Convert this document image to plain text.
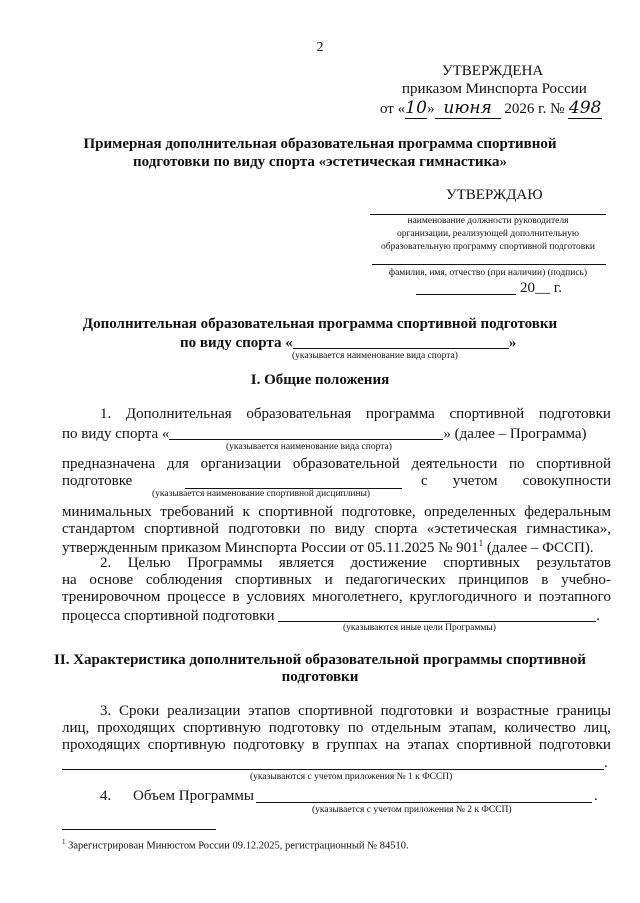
2
УТВЕРЖДЕНА
приказом Минспорта России
от «10» июня 2026 г. № 498
Примерная дополнительная образовательная программа спортивной
подготовки по виду спорта «эстетическая гимнастика»
УТВЕРЖДАЮ
наименование должности руководителя
организации, реализующей дополнительную
образовательную программу спортивной подготовки
фамилия, имя, отчество (при наличии) (подпись)
20__ г.
Дополнительная образовательная программа спортивной подготовки
по виду спорта «	»
(указывается наименование вида спорта)
I. Общие положения
1. Дополнительная образовательная программа спортивной подготовки
по виду спорта «	» (далее – Программа)
(указывается наименование вида спорта)
предназначена для организации образовательной деятельности по спортивной
подготовке	с учетом совокупности
(указывается наименование спортивной дисциплины)
минимальных требований к спортивной подготовке, определенных федеральным
стандартом спортивной подготовки по виду спорта «эстетическая гимнастика»,
утвержденным приказом Минспорта России от 05.11.2025 № $901^1$ (далее – ФССП).
2. Целью Программы является достижение спортивных результатов
на основе соблюдения спортивных и педагогических принципов в учебно-
тренировочном процессе в условиях многолетнего, круглогодичного и поэтапного
процесса спортивной подготовки	.
(указываются иные цели Программы)
II. Характеристика дополнительной образовательной программы спортивной
подготовки
3. Сроки реализации этапов спортивной подготовки и возрастные границы
лиц, проходящих спортивную подготовку по отдельным этапам, количество лиц,
проходящих спортивную подготовку в группах на этапах спортивной подготовки
.
(указываются с учетом приложения № 1 к ФССП)
4. Объем Программы	.
(указывается с учетом приложения № 2 к ФССП)
$^1$ Зарегистрирован Минюстом России 09.12.2025, регистрационный № 84510.
